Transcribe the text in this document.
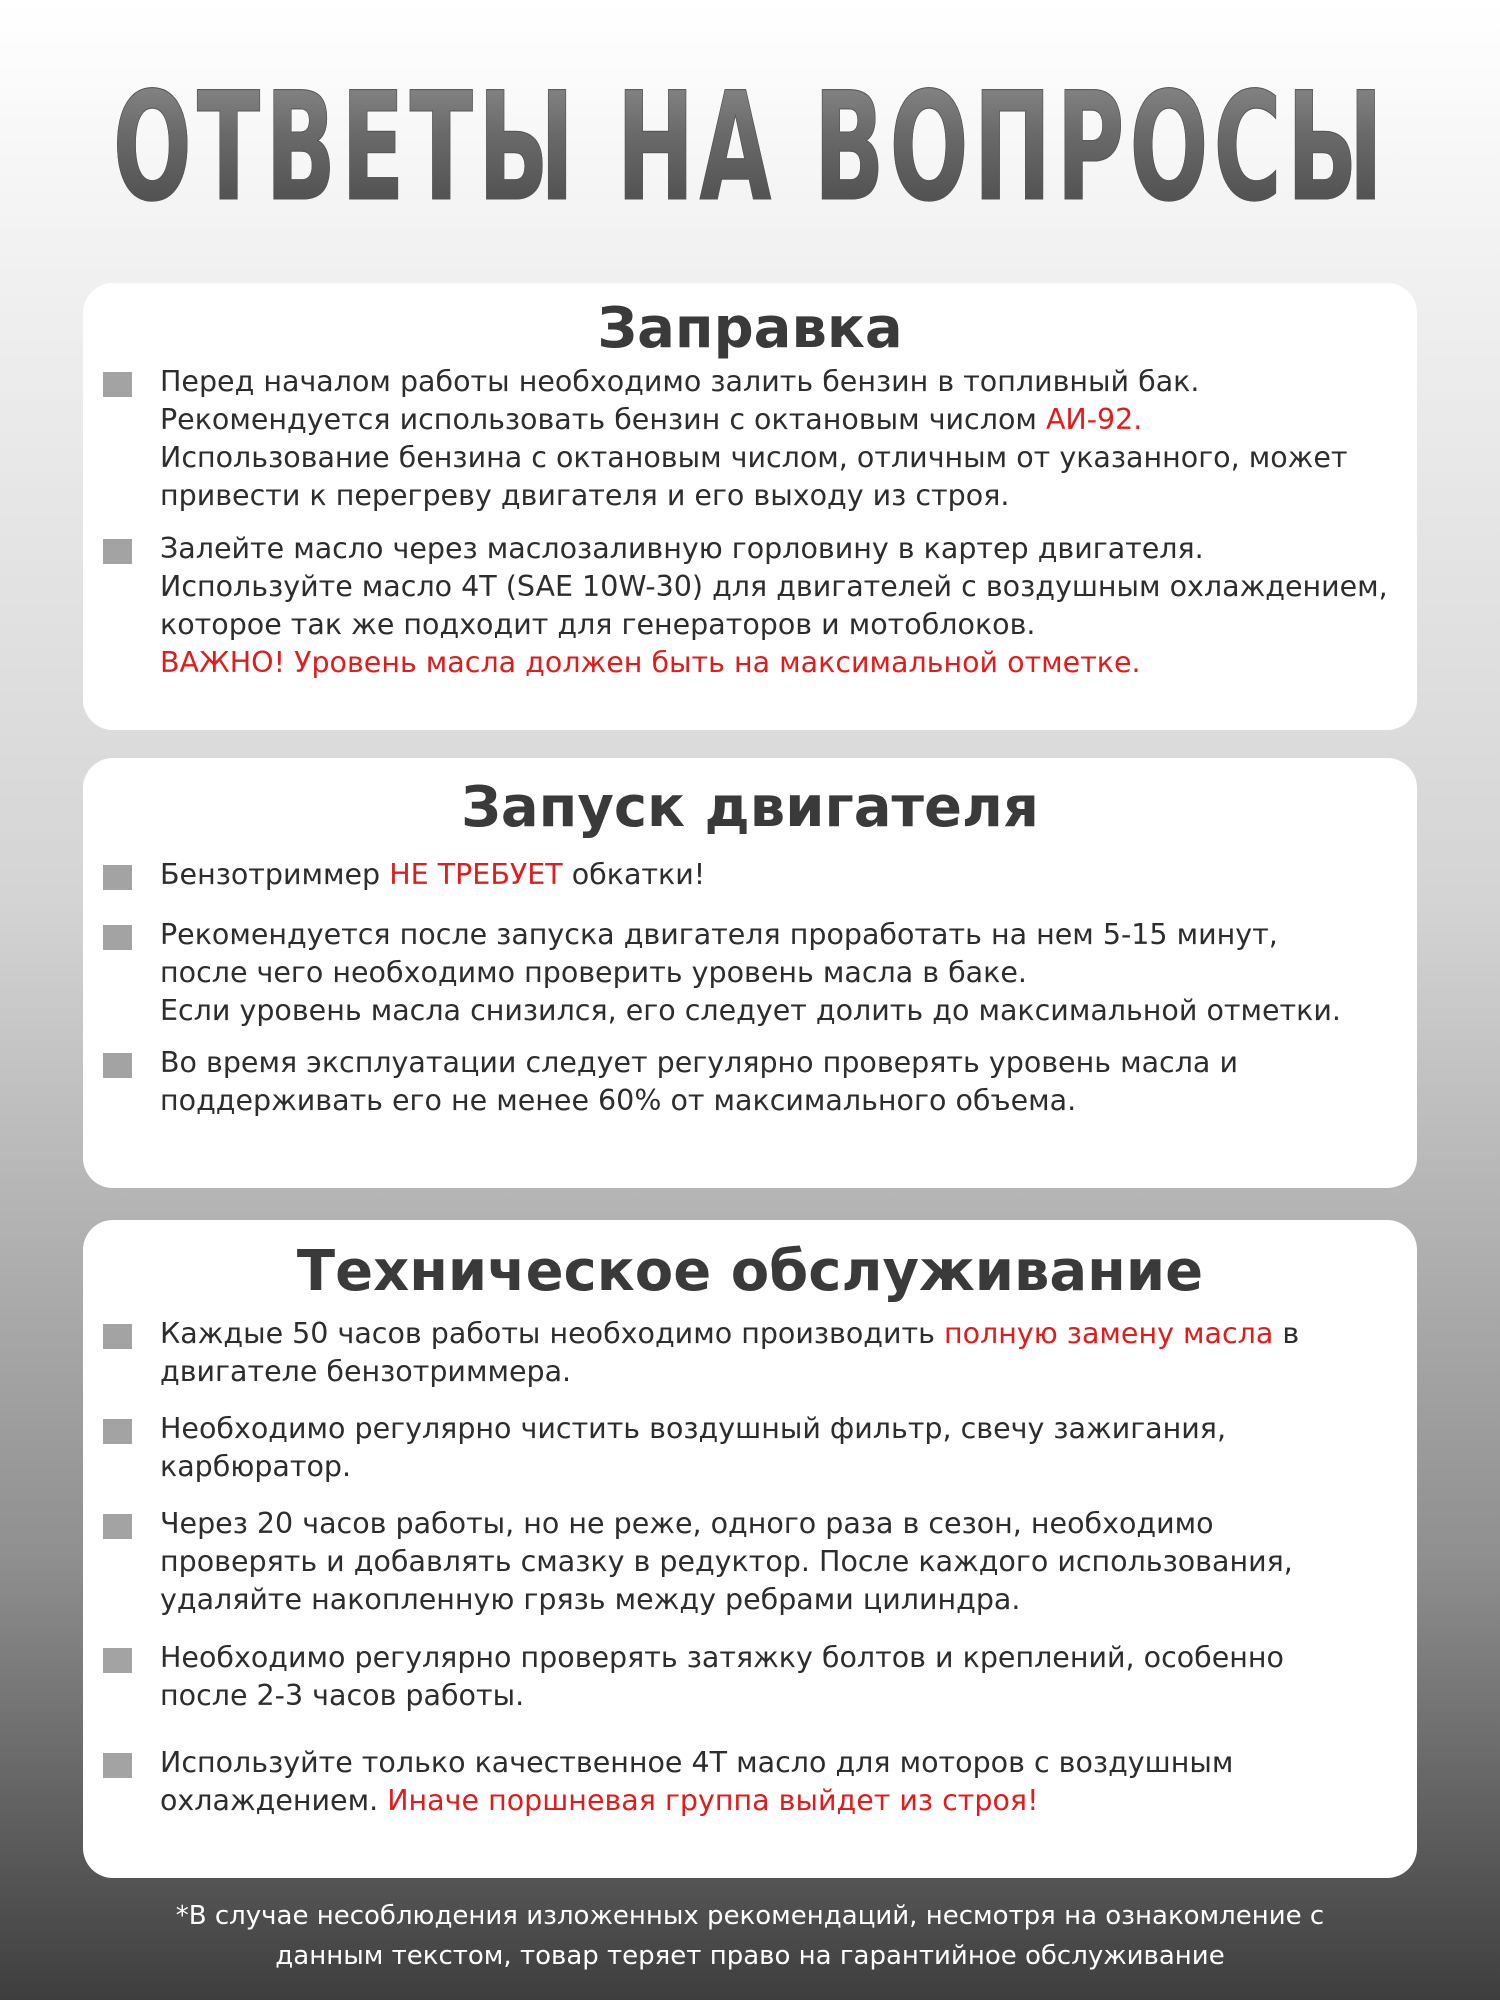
ОТВЕТЫ НА ВОПРОСЫ
Заправка
Перед началом работы необходимо залить бензин в топливный бак.
Рекомендуется использовать бензин с октановым числом АИ-92.
Использование бензина с октановым числом, отличным от указанного, может
привести к перегреву двигателя и его выходу из строя.
Залейте масло через маслозаливную горловину в картер двигателя.
Используйте масло 4T (SAE 10W-30) для двигателей с воздушным охлаждением,
которое так же подходит для генераторов и мотоблоков.
ВАЖНО! Уровень масла должен быть на максимальной отметке.
Запуск двигателя
Бензотриммер НЕ ТРЕБУЕТ обкатки!
Рекомендуется после запуска двигателя проработать на нем 5-15 минут,
после чего необходимо проверить уровень масла в баке.
Если уровень масла снизился, его следует долить до максимальной отметки.
Во время эксплуатации следует регулярно проверять уровень масла и
поддерживать его не менее 60% от максимального объема.
Техническое обслуживание
Каждые 50 часов работы необходимо производить полную замену масла в
двигателе бензотриммера.
Необходимо регулярно чистить воздушный фильтр, свечу зажигания,
карбюратор.
Через 20 часов работы, но не реже, одного раза в сезон, необходимо
проверять и добавлять смазку в редуктор. После каждого использования,
удаляйте накопленную грязь между ребрами цилиндра.
Необходимо регулярно проверять затяжку болтов и креплений, особенно
после 2-3 часов работы.
Используйте только качественное 4T масло для моторов с воздушным
охлаждением. Иначе поршневая группа выйдет из строя!
*В случае несоблюдения изложенных рекомендаций, несмотря на ознакомление с
данным текстом, товар теряет право на гарантийное обслуживание
